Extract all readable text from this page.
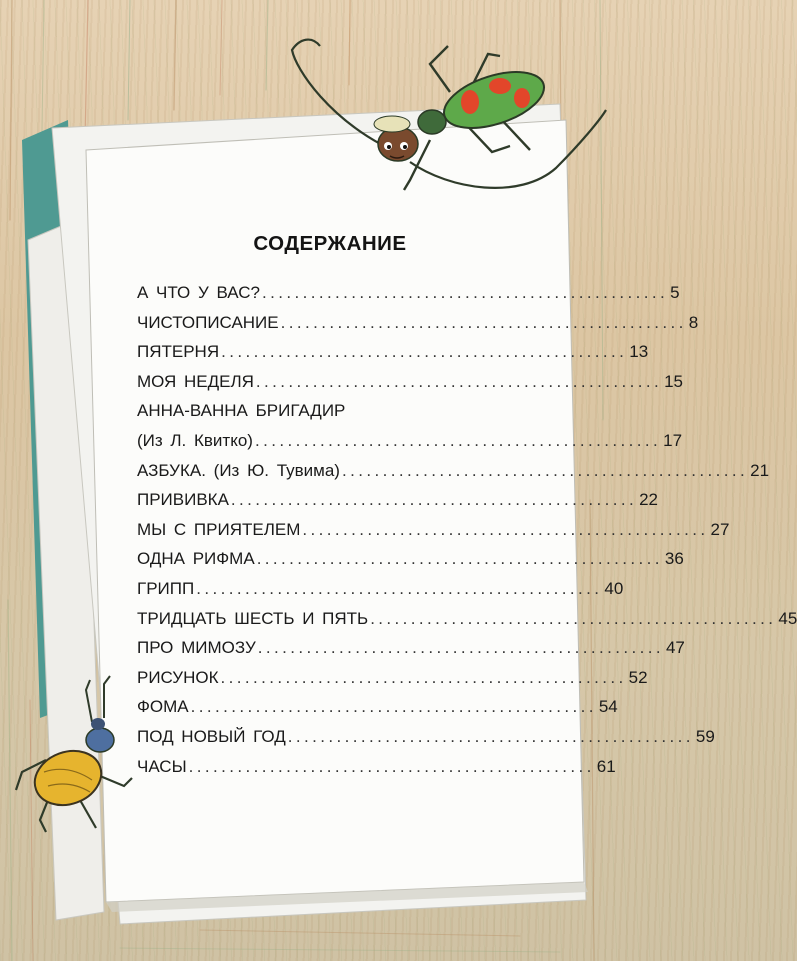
СОДЕРЖАНИЕ
А ЧТО У ВАС? .................................................. 5
ЧИСТОПИСАНИЕ .................................................. 8
ПЯТЕРНЯ .................................................. 13
МОЯ НЕДЕЛЯ .................................................. 15
АННА-ВАННА БРИГАДИР
(Из Л. Квитко) .................................................. 17
АЗБУКА. (Из Ю. Тувима) .................................................. 21
ПРИВИВКА .................................................. 22
МЫ С ПРИЯТЕЛЕМ .................................................. 27
ОДНА РИФМА .................................................. 36
ГРИПП .................................................. 40
ТРИДЦАТЬ ШЕСТЬ И ПЯТЬ .................................................. 45
ПРО МИМОЗУ .................................................. 47
РИСУНОК .................................................. 52
ФОМА .................................................. 54
ПОД НОВЫЙ ГОД .................................................. 59
ЧАСЫ .................................................. 61
